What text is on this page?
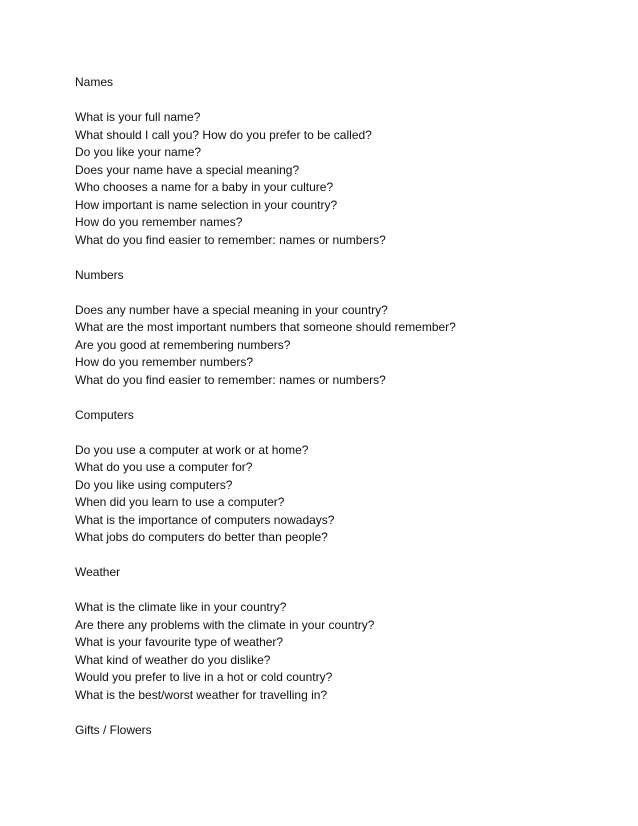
Names
What is your full name?
What should I call you? How do you prefer to be called?
Do you like your name?
Does your name have a special meaning?
Who chooses a name for a baby in your culture?
How important is name selection in your country?
How do you remember names?
What do you find easier to remember: names or numbers?
Numbers
Does any number have a special meaning in your country?
What are the most important numbers that someone should remember?
Are you good at remembering numbers?
How do you remember numbers?
What do you find easier to remember: names or numbers?
Computers
Do you use a computer at work or at home?
What do you use a computer for?
Do you like using computers?
When did you learn to use a computer?
What is the importance of computers nowadays?
What jobs do computers do better than people?
Weather
What is the climate like in your country?
Are there any problems with the climate in your country?
What is your favourite type of weather?
What kind of weather do you dislike?
Would you prefer to live in a hot or cold country?
What is the best/worst weather for travelling in?
Gifts / Flowers
